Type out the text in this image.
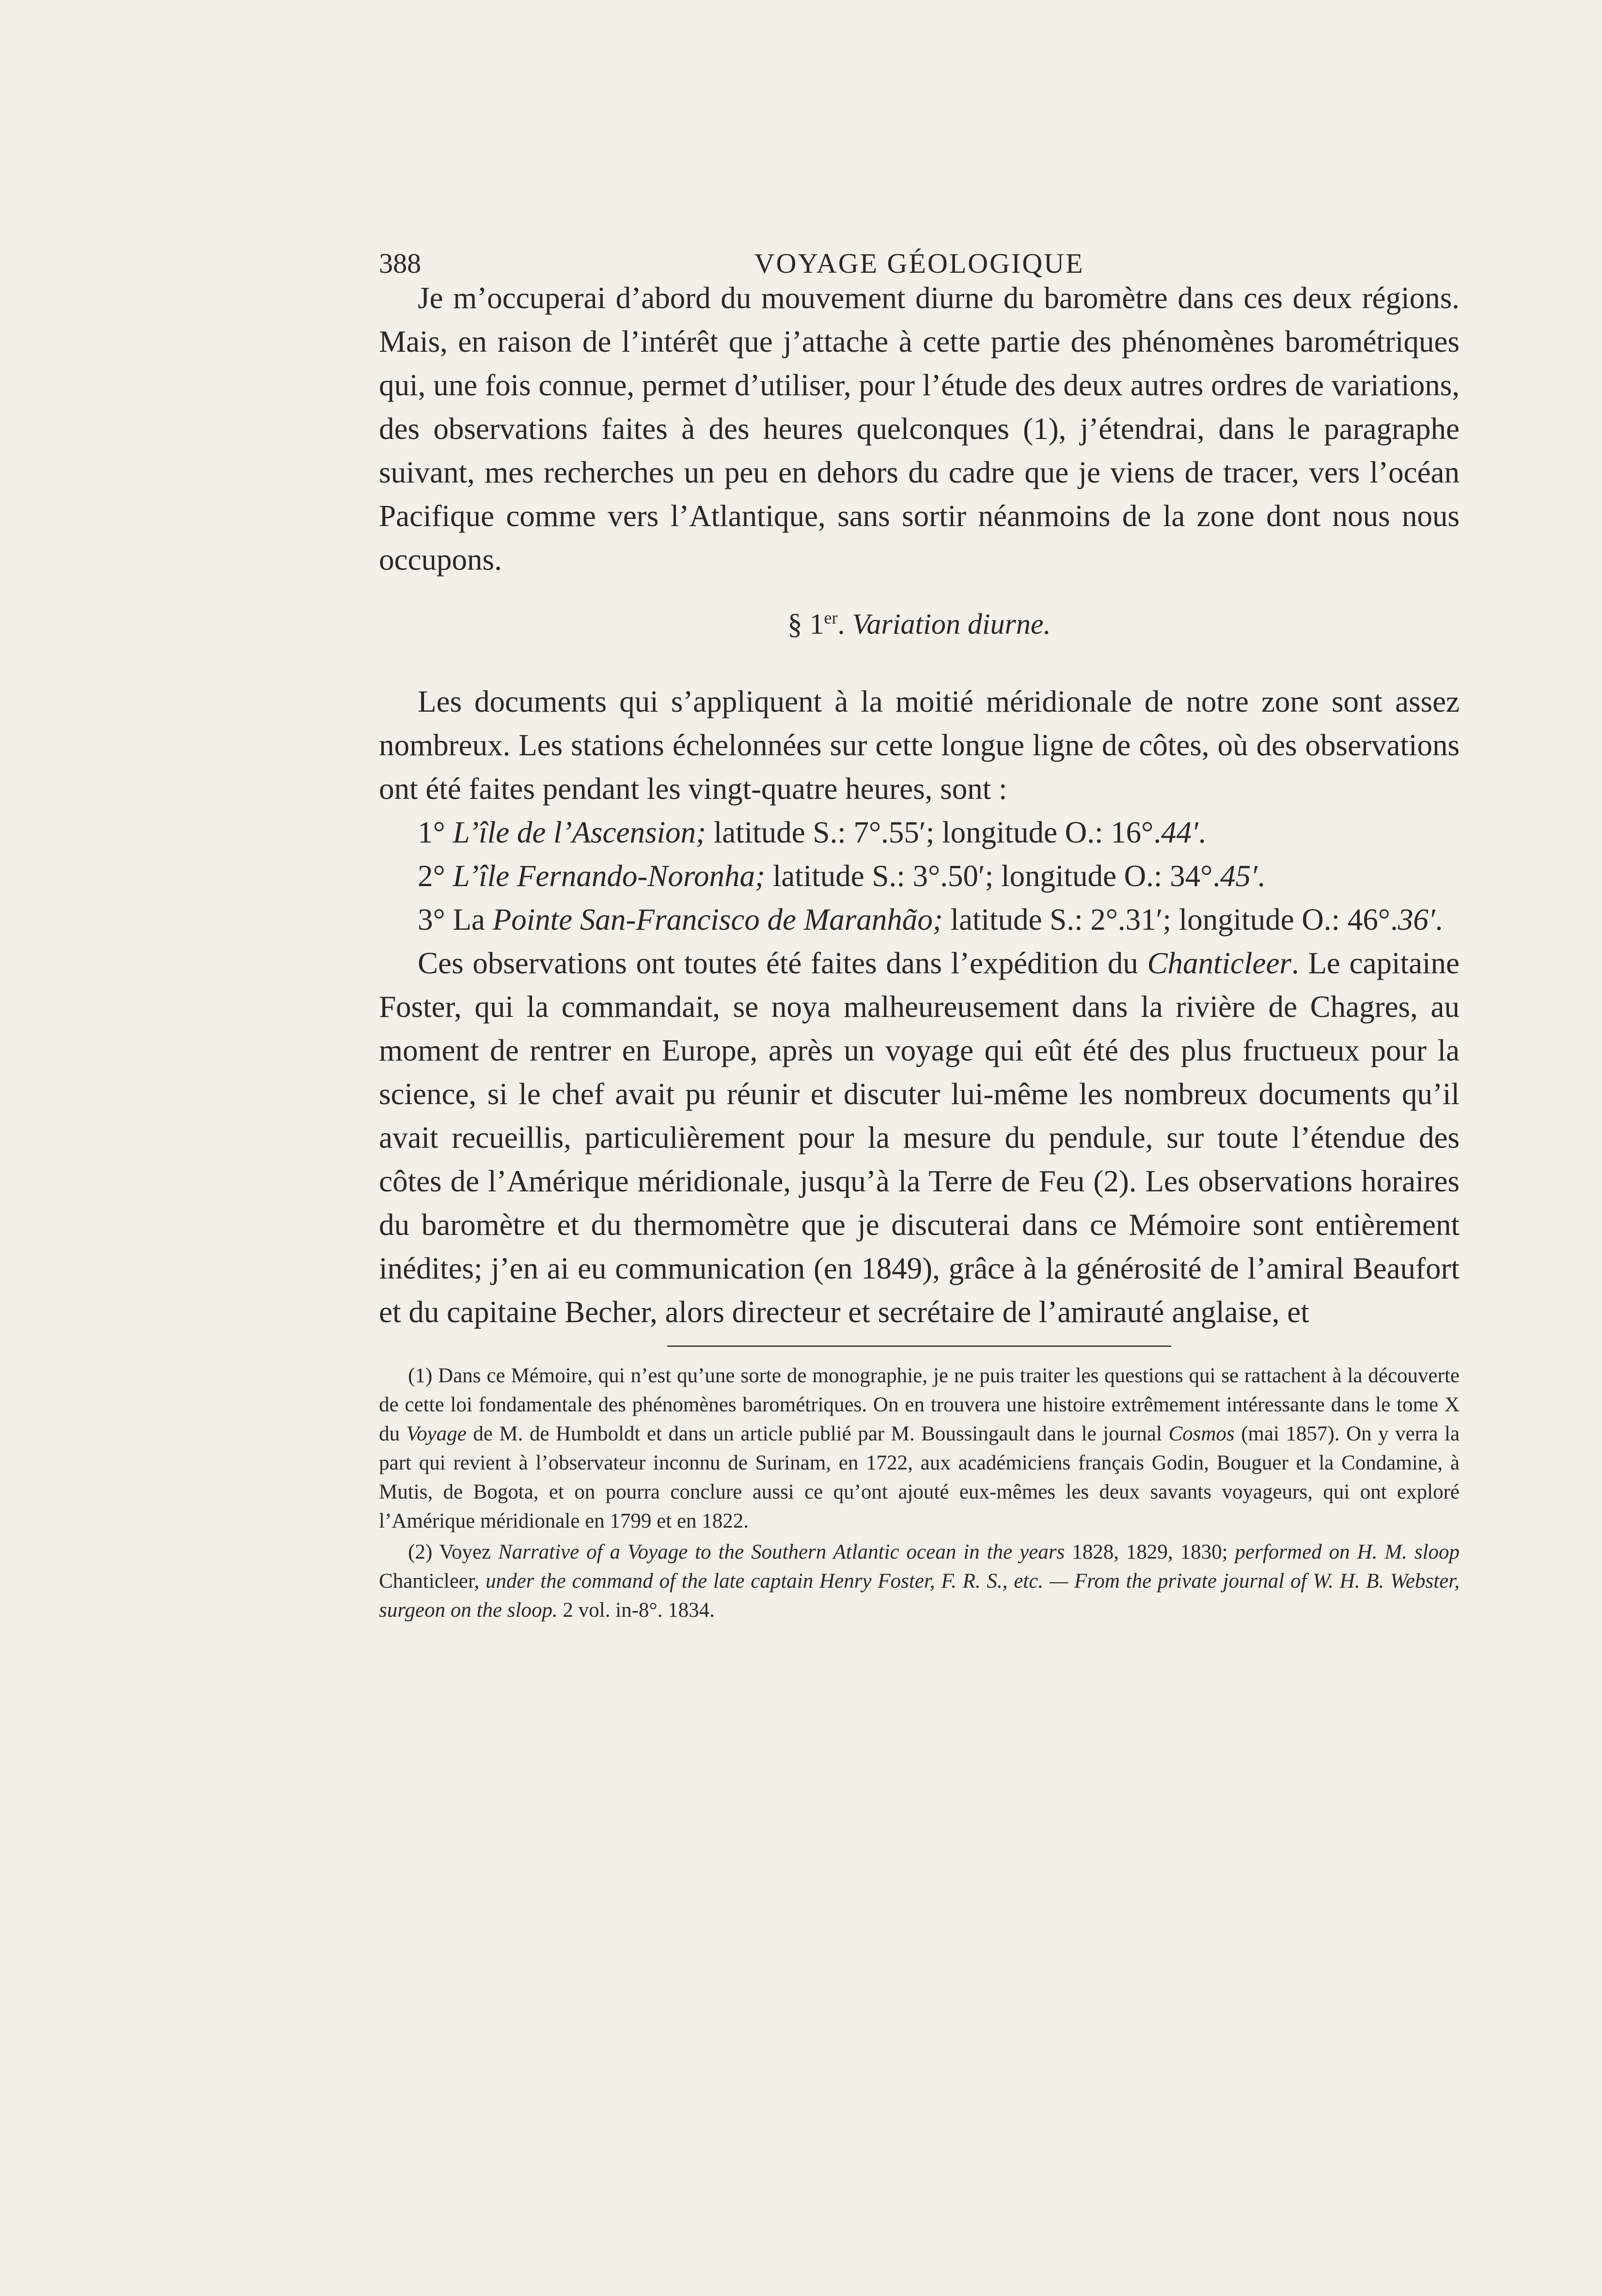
388	VOYAGE GÉOLOGIQUE

Je m’occuperai d’abord du mouvement diurne du baromètre dans ces deux régions. Mais, en raison de l’intérêt que j’attache à cette partie des phénomènes barométriques qui, une fois connue, permet d’utiliser, pour l’étude des deux autres ordres de variations, des observations faites à des heures quelconques (1), j’étendrai, dans le paragraphe suivant, mes recherches un peu en dehors du cadre que je viens de tracer, vers l’océan Pacifique comme vers l’Atlantique, sans sortir néanmoins de la zone dont nous nous occupons.

§ 1er. Variation diurne.

Les documents qui s’appliquent à la moitié méridionale de notre zone sont assez nombreux. Les stations échelonnées sur cette longue ligne de côtes, où des observations ont été faites pendant les vingt-quatre heures, sont :

1° L’île de l’Ascension; latitude S.: 7°.55′; longitude O.: 16°.44′.

2° L’île Fernando-Noronha; latitude S.: 3°.50′; longitude O.: 34°.45′.

3° La Pointe San-Francisco de Maranhão; latitude S.: 2°.31′; longitude O.: 46°.36′.

Ces observations ont toutes été faites dans l’expédition du Chanticleer. Le capitaine Foster, qui la commandait, se noya malheureusement dans la rivière de Chagres, au moment de rentrer en Europe, après un voyage qui eût été des plus fructueux pour la science, si le chef avait pu réunir et discuter lui-même les nombreux documents qu’il avait recueillis, particulièrement pour la mesure du pendule, sur toute l’étendue des côtes de l’Amérique méridionale, jusqu’à la Terre de Feu (2). Les observations horaires du baromètre et du thermomètre que je discuterai dans ce Mémoire sont entièrement inédites; j’en ai eu communication (en 1849), grâce à la générosité de l’amiral Beaufort et du capitaine Becher, alors directeur et secrétaire de l’amirauté anglaise, et

(1) Dans ce Mémoire, qui n’est qu’une sorte de monographie, je ne puis traiter les questions qui se rattachent à la découverte de cette loi fondamentale des phénomènes barométriques. On en trouvera une histoire extrêmement intéressante dans le tome X du Voyage de M. de Humboldt et dans un article publié par M. Boussingault dans le journal Cosmos (mai 1857). On y verra la part qui revient à l’observateur inconnu de Surinam, en 1722, aux académiciens français Godin, Bouguer et la Condamine, à Mutis, de Bogota, et on pourra conclure aussi ce qu’ont ajouté eux-mêmes les deux savants voyageurs, qui ont exploré l’Amérique méridionale en 1799 et en 1822.

(2) Voyez Narrative of a Voyage to the Southern Atlantic ocean in the years 1828, 1829, 1830; performed on H. M. sloop Chanticleer, under the command of the late captain Henry Foster, F. R. S., etc. — From the private journal of W. H. B. Webster, surgeon on the sloop. 2 vol. in-8°. 1834.
